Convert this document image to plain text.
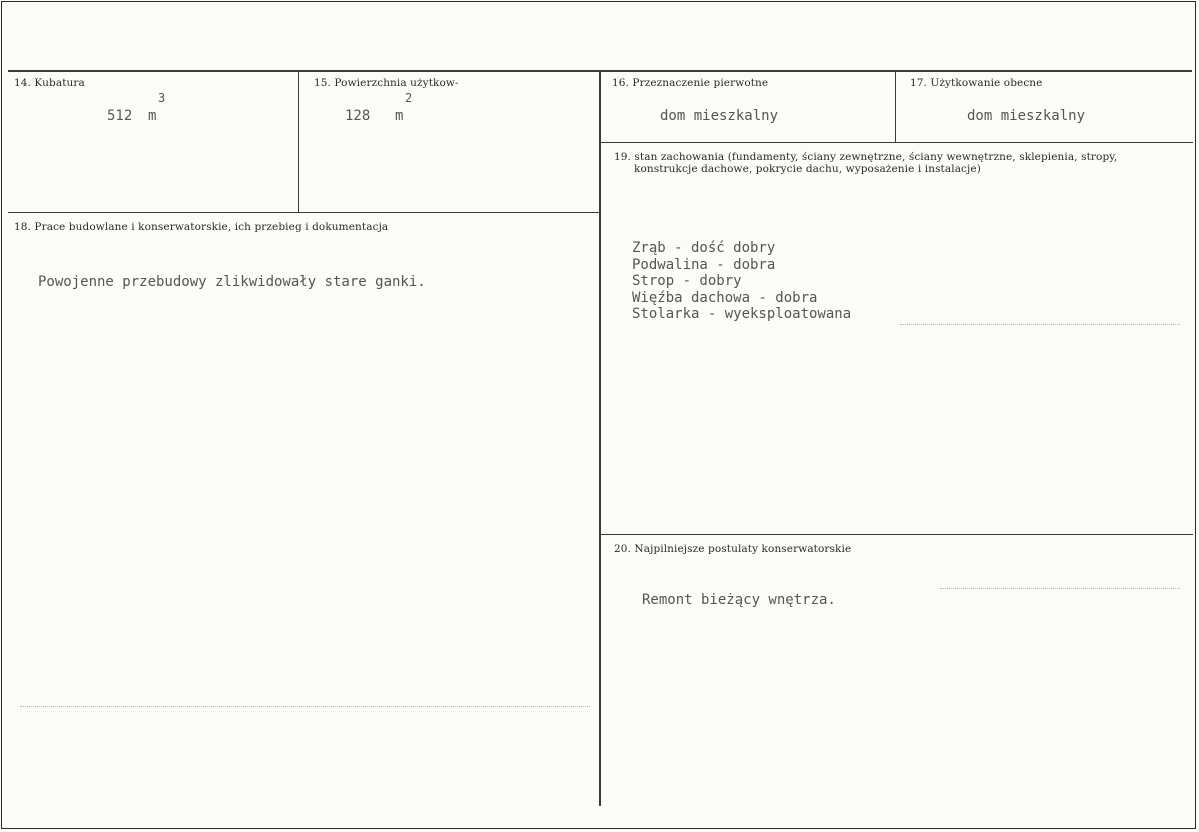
14. Kubatura
3
512 m
15. Powierzchnia użytkow-
2
128 m
16. Przeznaczenie pierwotne
dom mieszkalny
17. Użytkowanie obecne
dom mieszkalny
18. Prace budowlane i konserwatorskie, ich przebieg i dokumentacja
Powojenne przebudowy zlikwidowały stare ganki.
19. stan zachowania (fundamenty, ściany zewnętrzne, ściany wewnętrzne, sklepienia, stropy,
konstrukcje dachowe, pokrycie dachu, wyposażenie i instalacje)
Zrąb - dość dobry
Podwalina - dobra
Strop - dobry
Więźba dachowa - dobra
Stolarka - wyeksploatowana
20. Najpilniejsze postulaty konserwatorskie
Remont bieżący wnętrza.
